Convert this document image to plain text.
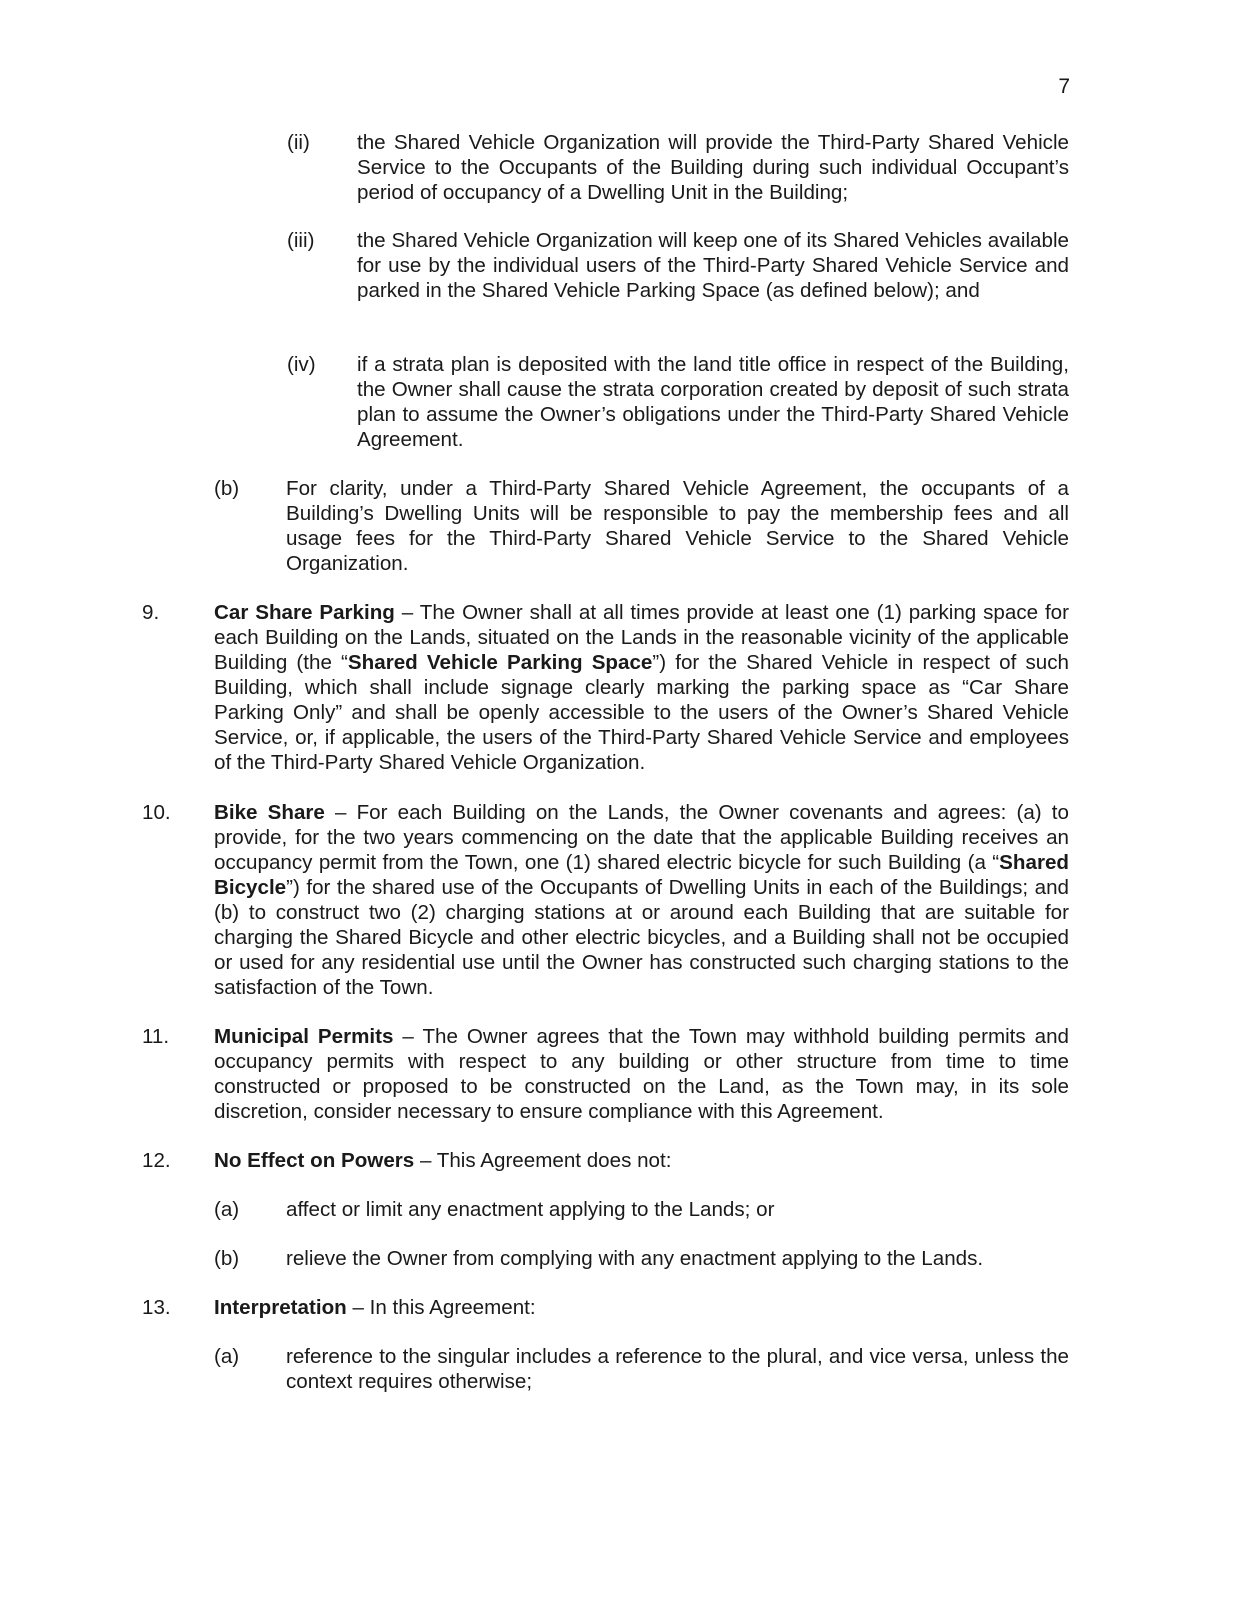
7
(ii) the Shared Vehicle Organization will provide the Third-Party Shared Vehicle Service to the Occupants of the Building during such individual Occupant’s period of occupancy of a Dwelling Unit in the Building;

(iii) the Shared Vehicle Organization will keep one of its Shared Vehicles available for use by the individual users of the Third-Party Shared Vehicle Service and parked in the Shared Vehicle Parking Space (as defined below); and

(iv) if a strata plan is deposited with the land title office in respect of the Building, the Owner shall cause the strata corporation created by deposit of such strata plan to assume the Owner’s obligations under the Third-Party Shared Vehicle Agreement.

(b) For clarity, under a Third-Party Shared Vehicle Agreement, the occupants of a Building’s Dwelling Units will be responsible to pay the membership fees and all usage fees for the Third-Party Shared Vehicle Service to the Shared Vehicle Organization.

9.	Car Share Parking – The Owner shall at all times provide at least one (1) parking space for each Building on the Lands, situated on the Lands in the reasonable vicinity of the applicable Building (the “Shared Vehicle Parking Space”) for the Shared Vehicle in respect of such Building, which shall include signage clearly marking the parking space as “Car Share Parking Only” and shall be openly accessible to the users of the Owner’s Shared Vehicle Service, or, if applicable, the users of the Third-Party Shared Vehicle Service and employees of the Third-Party Shared Vehicle Organization.

10. Bike Share – For each Building on the Lands, the Owner covenants and agrees: (a) to provide, for the two years commencing on the date that the applicable Building receives an occupancy permit from the Town, one (1) shared electric bicycle for such Building (a “Shared Bicycle”) for the shared use of the Occupants of Dwelling Units in each of the Buildings; and (b) to construct two (2) charging stations at or around each Building that are suitable for charging the Shared Bicycle and other electric bicycles, and a Building shall not be occupied or used for any residential use until the Owner has constructed such charging stations to the satisfaction of the Town.

11. Municipal Permits – The Owner agrees that the Town may withhold building permits and occupancy permits with respect to any building or other structure from time to time constructed or proposed to be constructed on the Land, as the Town may, in its sole discretion, consider necessary to ensure compliance with this Agreement.

12. No Effect on Powers – This Agreement does not:

(a) affect or limit any enactment applying to the Lands; or

(b) relieve the Owner from complying with any enactment applying to the Lands.

13. Interpretation – In this Agreement:

(a) reference to the singular includes a reference to the plural, and vice versa, unless the context requires otherwise;
